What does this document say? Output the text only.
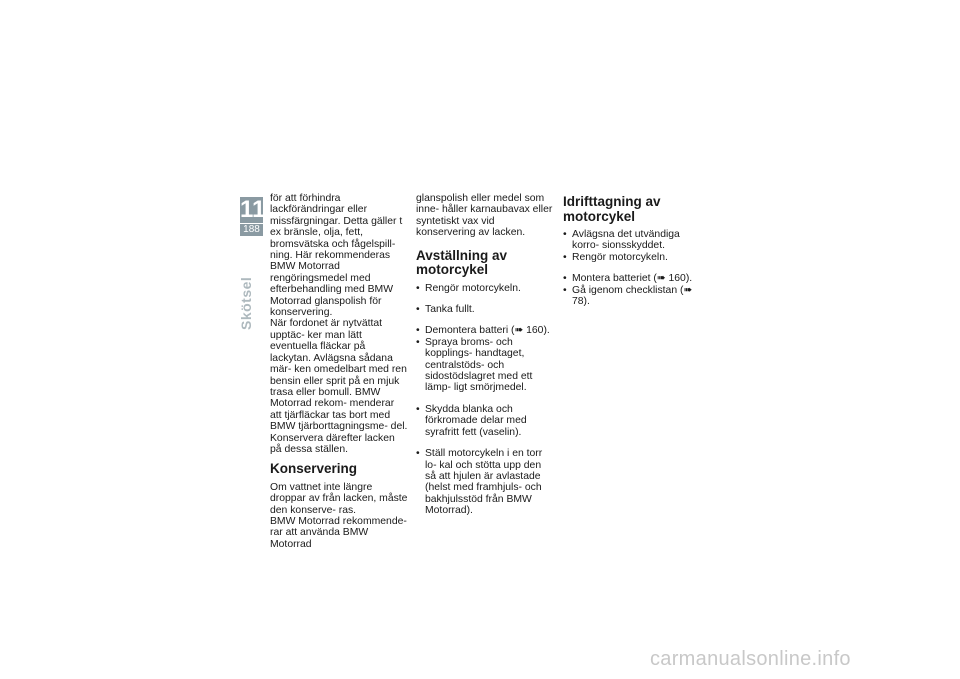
11
188
Skötsel

för att förhindra lackförändringar eller missfärgningar. Detta gäller t ex bränsle, olja, fett, bromsvätska och fågelspill- ning. Här rekommenderas BMW Motorrad rengöringsmedel med efterbehandling med BMW Motorrad glanspolish för konservering.

När fordonet är nytvättat upptäc- ker man lätt eventuella fläckar på lackytan. Avlägsna sådana mär- ken omedelbart med ren bensin eller sprit på en mjuk trasa eller bomull. BMW Motorrad rekom- menderar att tjärfläckar tas bort med BMW tjärborttagningsme- del. Konservera därefter lacken på dessa ställen.

Konservering

Om vattnet inte längre droppar av från lacken, måste den konserve- ras.

BMW Motorrad rekommende- rar att använda BMW Motorrad

glanspolish eller medel som inne- håller karnaubavax eller syntetiskt vax vid konservering av lacken.

Avställning av motorcykel
• Rengör motorcykeln.
• Tanka fullt.
• Demontera batteri (➠ 160).
• Spraya broms- och kopplings- handtaget, centralstöds- och sidostödslagret med ett lämp- ligt smörjmedel.
• Skydda blanka och förkromade delar med syrafritt fett (vaselin).
• Ställ motorcykeln i en torr lo- kal och stötta upp den så att hjulen är avlastade (helst med framhjuls- och bakhjulsstöd från BMW Motorrad).
Idrifttagning av motorcykel
• Avlägsna det utvändiga korro- sionsskyddet.
• Rengör motorcykeln.
• Montera batteriet (➠ 160).
• Gå igenom checklistan (➠ 78).
carmanualsonline.info
